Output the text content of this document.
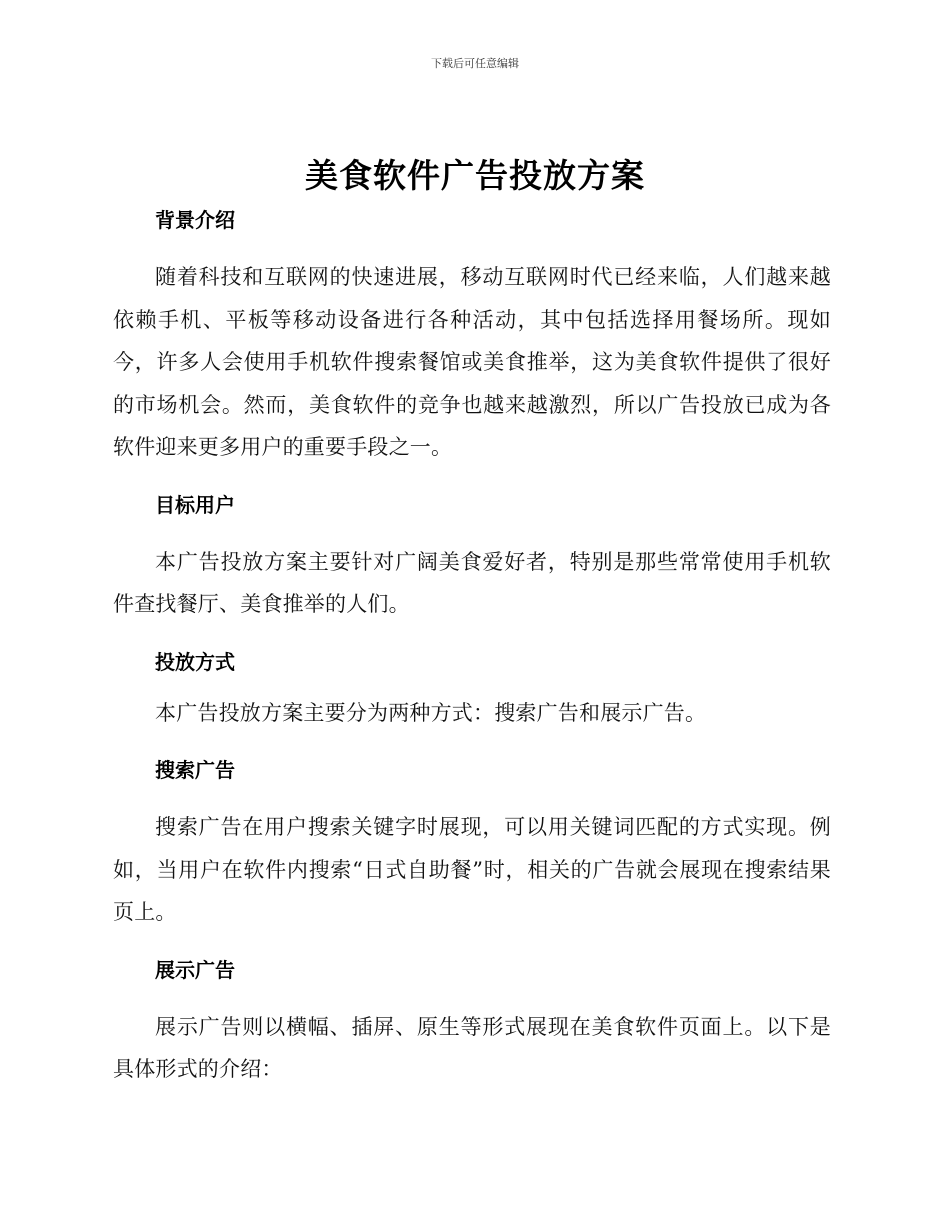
下载后可任意编辑
美食软件广告投放方案
背景介绍
随着科技和互联网的快速进展，移动互联网时代已经来临，人们越来越依赖手机、平板等移动设备进行各种活动，其中包括选择用餐场所。现如今，许多人会使用手机软件搜索餐馆或美食推举，这为美食软件提供了很好的市场机会。然而，美食软件的竞争也越来越激烈，所以广告投放已成为各软件迎来更多用户的重要手段之一。
目标用户
本广告投放方案主要针对广阔美食爱好者，特别是那些常常使用手机软件查找餐厅、美食推举的人们。
投放方式
本广告投放方案主要分为两种方式：搜索广告和展示广告。
搜索广告
搜索广告在用户搜索关键字时展现，可以用关键词匹配的方式实现。例如，当用户在软件内搜索“日式自助餐”时，相关的广告就会展现在搜索结果页上。
展示广告
展示广告则以横幅、插屏、原生等形式展现在美食软件页面上。以下是具体形式的介绍：
